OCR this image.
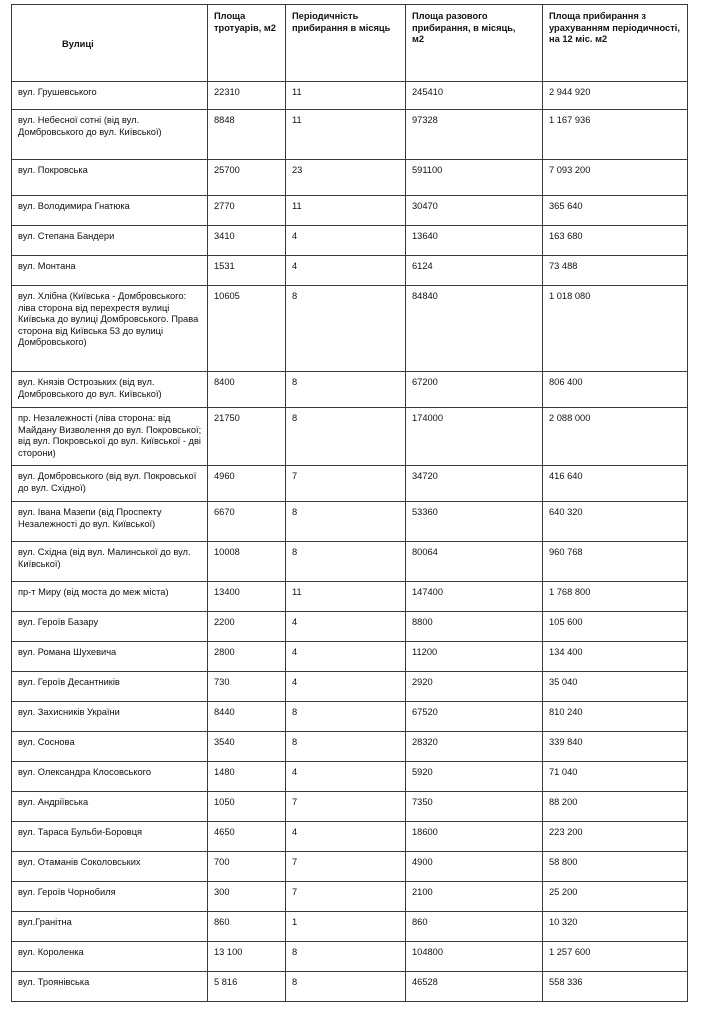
Вулиці	Площа тротуарів, м2	Періодичність прибирання в місяць	Площа разового прибирання, в місяць,
м2	Площа прибирання з урахуванням періодичності, на 12 міс. м2
вул. Грушевського	22310	11	245410	2 944 920
вул. Небесної сотні (від вул. Домбровського до вул. Київської)	8848	11	97328	1 167 936
вул. Покровська	25700	23	591100	7 093 200
вул. Володимира Гнатюка	2770	11	30470	365 640
вул. Степана Бандери	3410	4	13640	163 680
вул. Монтана	1531	4	6124	73 488
вул. Хлібна (Київська - Домбровського: ліва сторона від перехрестя вулиці Київська до вулиці Домбровського. Права сторона від Київська 53 до вулиці Домбровського)	10605	8	84840	1 018 080
вул. Князів Острозьких (від вул. Домбровського до вул. Київської)	8400	8	67200	806 400
пр. Незалежності (ліва сторона: від Майдану Визволення до вул. Покровської; від вул. Покровської до вул. Київської - дві сторони)	21750	8	174000	2 088 000
вул. Домбровського (від вул. Покровської до вул. Східної)	4960	7	34720	416 640
вул. Івана Мазепи (від Проспекту Незалежності до вул. Київської)	6670	8	53360	640 320
вул. Східна (від вул. Малинської до вул. Київської)	10008	8	80064	960 768
пр-т Миру (від моста до меж міста)	13400	11	147400	1 768 800
вул. Героїв Базару	2200	4	8800	105 600
вул. Романа Шухевича	2800	4	11200	134 400
вул. Героїв Десантників	730	4	2920	35 040
вул. Захисників України	8440	8	67520	810 240
вул. Соснова	3540	8	28320	339 840
вул. Олександра Клосовського	1480	4	5920	71 040
вул. Андріївська	1050	7	7350	88 200
вул. Тараса Бульби-Боровця	4650	4	18600	223 200
вул. Отаманів Соколовських	700	7	4900	58 800
вул. Героїв Чорнобиля	300	7	2100	25 200
вул.Гранітна	860	1	860	10 320
вул. Короленка	13 100	8	104800	1 257 600
вул. Троянівська	5 816	8	46528	558 336
